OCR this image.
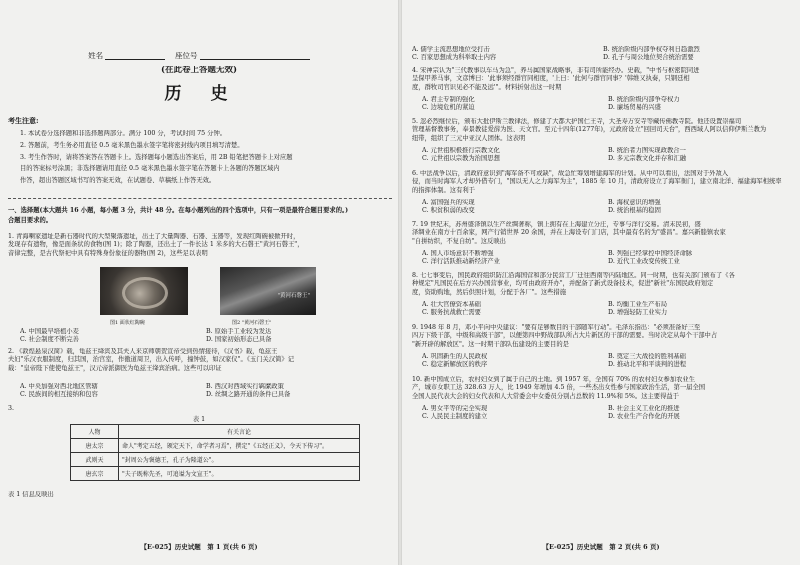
姓名	座位号
(在此卷上答题无效)
历　史
考生注意:
1. 本试卷分选择题和非选择题两部分。满分 100 分，考试时间 75 分钟。
2. 答题前，考生务必用直径 0.5 毫米黑色墨水签字笔将密封线内项目填写清楚。
3. 考生作答时，请将答案答在答题卡上。选择题每小题选出答案后，用 2B 铅笔把答题卡上对应题
目的答案标号涂黑；非选择题请用直径 0.5 毫米黑色墨水签字笔在答题卡上各题的答题区域内
作答，超出答题区域书写的答案无效，在试题卷、草稿纸上作答无效。
一、选择题(本大题共 16 小题，每小题 3 分，共计 48 分。在每小题列出的四个选项中，只有一项是最符合题目要求的。)
合题目要求的。
1. 青海喇家遗址是新石器时代的大型聚落遗址，出土了大量陶器、石器、玉器等，发现红陶碗被掀开时，
发现存有遗物，像是面条状的食物(图 1)；除了陶器，还出土了一件长达 1 米多的大石磬王"黄河石磬王"，
音律完整，是古代祭祀中具有特殊身份象征的器物(图 2)，这些足以表明
"黄河石磬王"
图1 面状红陶碗	图2 "黄河石磬王"
A. 中国最早培植小麦	B. 原始手工业较为发达
C. 社会制度不断完善	D. 国家初始形态已具备
2. 《敦煌悬泉汉简》载，龟兹王绛宾及其夫人来京师朝贺宣帝受到热情接待，《汉书》载，龟兹王
夫妇"乐汉衣服制度，归其国，治宫室，作徼道周卫，出入传呼，撞钟鼓，如汉家仪"。《玉门关汉简》记
载："皇帝陛下使使龟兹王"，汉元帝派御医为龟兹王绛宾治病。这些可以印证
A. 中央加强对西北地区管辖	B. 西汉对西域实行羁縻政策
C. 民族间的相互接纳和包容	D. 丝绸之路开通的条件已具备
3.
表 1
人物	有关言论
唐太宗	命人"考定五经，颁定天下，命学者习焉"，撰定"《五经正义》，令天下传习"。
武则天	"封周公为褒德王，孔子为隆道公"。
唐玄宗	"夫子既称先圣，可追谥为文宣王"。
表 1 信息反映出
【E-025】历史试题　第 1 页(共 6 页)
A. 儒学主流思想地位受打击	B. 统治阶级内部争权夺利日趋激烈
C. 百家思想成为科举取士内容	D. 孔子与周公地位契合统治需要
4. 宋神宗认为"三代教事以车马为急"，养马属国家战略事，非有司所能经办。史载，"中书与枢密院同进
呈保甲养马事，文彦博曰：'此事须经群官同相度，'上曰：'此何与群官同事？'韩维又执奏，只钢廷相
度，群牧司官识见必不能及远'"。材料折射出这一时期
A. 君主专制的强化	B. 统治阶级内部争夺权力
C. 边境危机的紧迫	D. 廉场贸易的兴盛
5. 忽必烈继位后，颁布大批伊斯兰教律法，修建了大都大护国仁王寺，大圣寿万安寺等藏传佛教寺院。他还设置崇福司
管理基督教事务，奉景教徒爱薛为医、天文官。至元十四年(1277年)，元政府设立"回回司天台"，西西域人阿以信仰伊斯兰教为
纽带，组织了三元中亚汉人团体。这表明
A. 元世祖积极推行宗教文化	B. 统治者力图实现政教合一
C. 元世祖以宗教为治国思想	D. 多元宗教文化并存和汇融
6. 中法战争以后，清政府意识到"海军备不可或缺"，故急忙筹划增建海军的计划。从中可以看出，法国对于外敌入
侵，而当时海军人才却外借专门，"国以无人之力海军为主"，1885 年 10 月，清政府设立了海军衙门，建立南北洋、福建海军相统率
的指挥体制。这有利于
A. 富国强兵的实现	B. 海权意识的增强
C. 积贫积弱的改变	D. 统治根基的稳固
7. 19 世纪末，苏州盛泽镇以生产丝绸著称，镇上拥有在上海建立分庄，专事与洋行交易。清末民初，盛
泽绸业在南方十百余家，网产行销世界 20 余国，并在上海设专门门店，其中最有名的为"盛昌"。嘉兴新塍镇农家
"自拼纺织，不复自纺"。这反映出
A. 国人市场意识不断增强	B. 列强已经掌控中国经济命脉
C. 洋行活跃推动新经济产业	D. 近代工业改变传统工业
8. 七七事变后，国民政府组织防江沿海国营和部分民营工厂迁往西南等内陆地区。同一时期，也有关部门颁布了《各
种规定"凡国民在后方兴办国营事业，均可由政府开办"，并配备了新式设备技术，促进"新社"东国民政府划定
度，资助购地，然后供照计划，分配于各厂"。这些措施
A. 壮大官僚资本基础	B. 均衡工业生产布局
C. 服务抗战救亡需要	D. 增强轻防工业实力
9. 1948 年 8 月，邓小平向中央建议："要有足够数目的干部随军行动"。毛泽东指出："必须准备好三至
四万下级干部，中级和高级干部"，以便第四中野战部队所占大片新区的干部的需要。当时决定从每个干部中占
"新开辟的解放区"。这一时期干部队伍建设的主要目的是
A. 巩固新生的人民政权	B. 奠定三大战役的胜利基础
C. 稳定新解放区的秩序	D. 推动北平和平谈判的进程
10. 新中国成立后，农村妇女到了属于自己的土地。到 1957 年，全国有 70% 的农村妇女参加农业生
产，城市女职工达 328.63 万人，比 1949 年增加 4.5 倍，一些杰出女性参与国家政治生活，第一届全国
全国人民代表大会的妇女代表和人大常委会中女委员分别占总数的 11.9%和 5%。这主要得益于
A. 男女平等的完全实现	B. 社会主义工业化的推进
C. 人民民主制度的建立	D. 农业生产合作化的开展
【E-025】历史试题　第 2 页(共 6 页)
